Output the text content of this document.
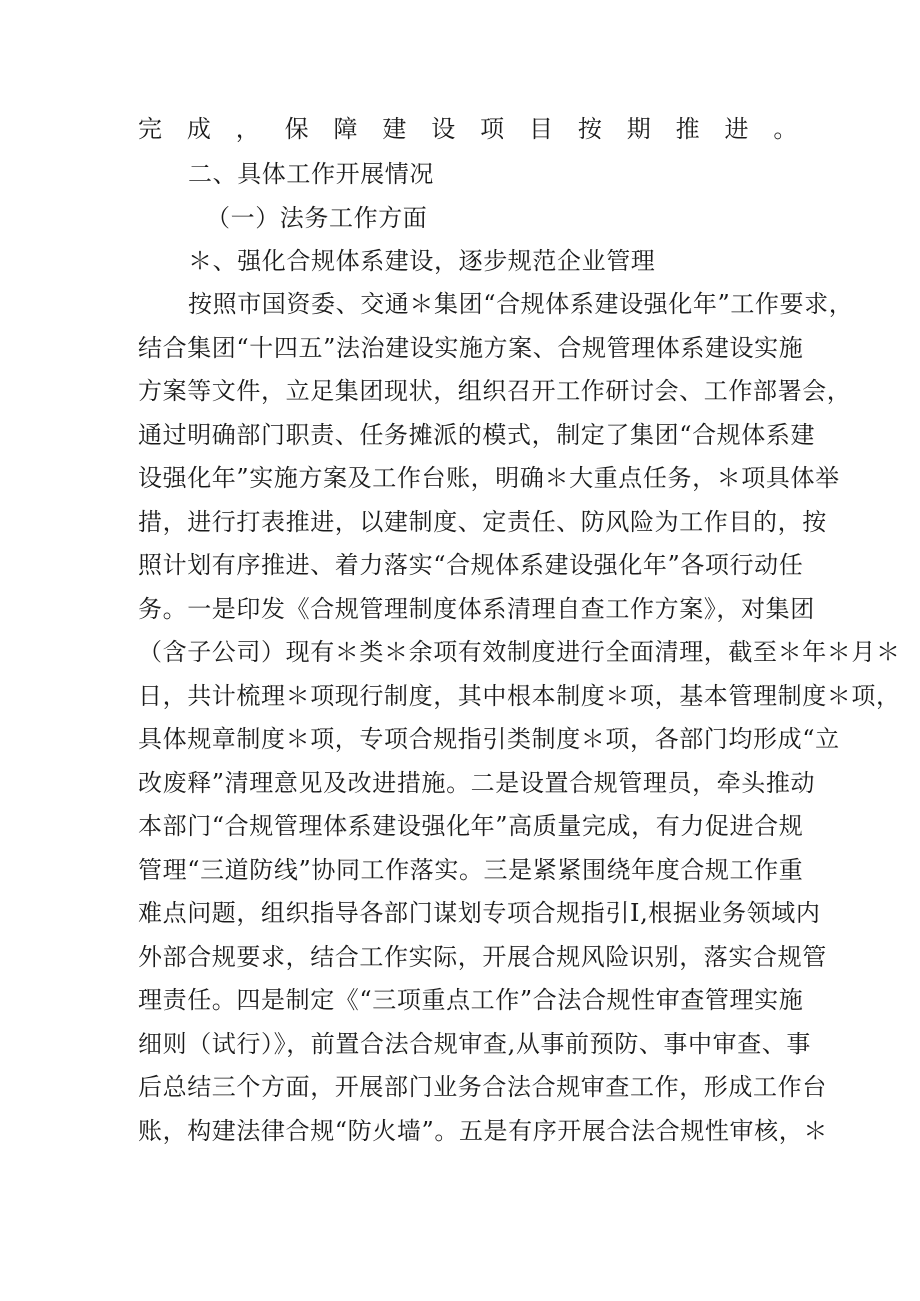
完成，保障建设项目按期推进。
二、具体工作开展情况
（一）法务工作方面
＊、强化合规体系建设，逐步规范企业管理
按照市国资委、交通＊集团“合规体系建设强化年”工作要求，
结合集团“十四五”法治建设实施方案、合规管理体系建设实施
方案等文件，立足集团现状，组织召开工作研讨会、工作部署会，
通过明确部门职责、任务摊派的模式，制定了集团“合规体系建
设强化年”实施方案及工作台账，明确＊大重点任务，＊项具体举
措，进行打表推进，以建制度、定责任、防风险为工作目的，按
照计划有序推进、着力落实“合规体系建设强化年”各项行动任
务。一是印发《合规管理制度体系清理自查工作方案》，对集团
（含子公司）现有＊类＊余项有效制度进行全面清理，截至＊年＊月＊
日，共计梳理＊项现行制度，其中根本制度＊项，基本管理制度＊项，
具体规章制度＊项，专项合规指引类制度＊项，各部门均形成“立
改废释”清理意见及改进措施。二是设置合规管理员，牵头推动
本部门“合规管理体系建设强化年”高质量完成，有力促进合规
管理“三道防线”协同工作落实。三是紧紧围绕年度合规工作重
难点问题，组织指导各部门谋划专项合规指引Ⅰ,根据业务领域内
外部合规要求，结合工作实际，开展合规风险识别，落实合规管
理责任。四是制定《“三项重点工作”合法合规性审查管理实施
细则（试行）》，前置合法合规审查,从事前预防、事中审查、事
后总结三个方面，开展部门业务合法合规审查工作，形成工作台
账，构建法律合规“防火墙”。五是有序开展合法合规性审核，＊
